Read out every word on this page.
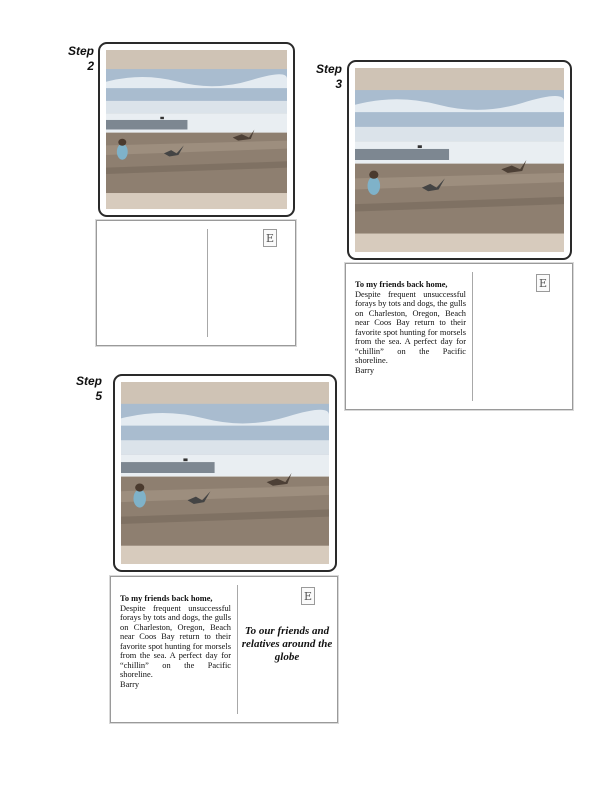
Step
2
E
Step
3
To my friends back home,
Despite frequent unsuccessful forays by tots and dogs, the gulls on Charleston, Oregon, Beach near Coos Bay return to their favorite spot hunting for morsels from the sea. A perfect day for “chillin” on the Pacific shoreline.
Barry
E
Step
5
To my friends back home,
Despite frequent unsuccessful forays by tots and dogs, the gulls on Charleston, Oregon, Beach near Coos Bay return to their favorite spot hunting for morsels from the sea. A perfect day for “chillin” on the Pacific shoreline.
Barry
E
To our friends and relatives around the globe
